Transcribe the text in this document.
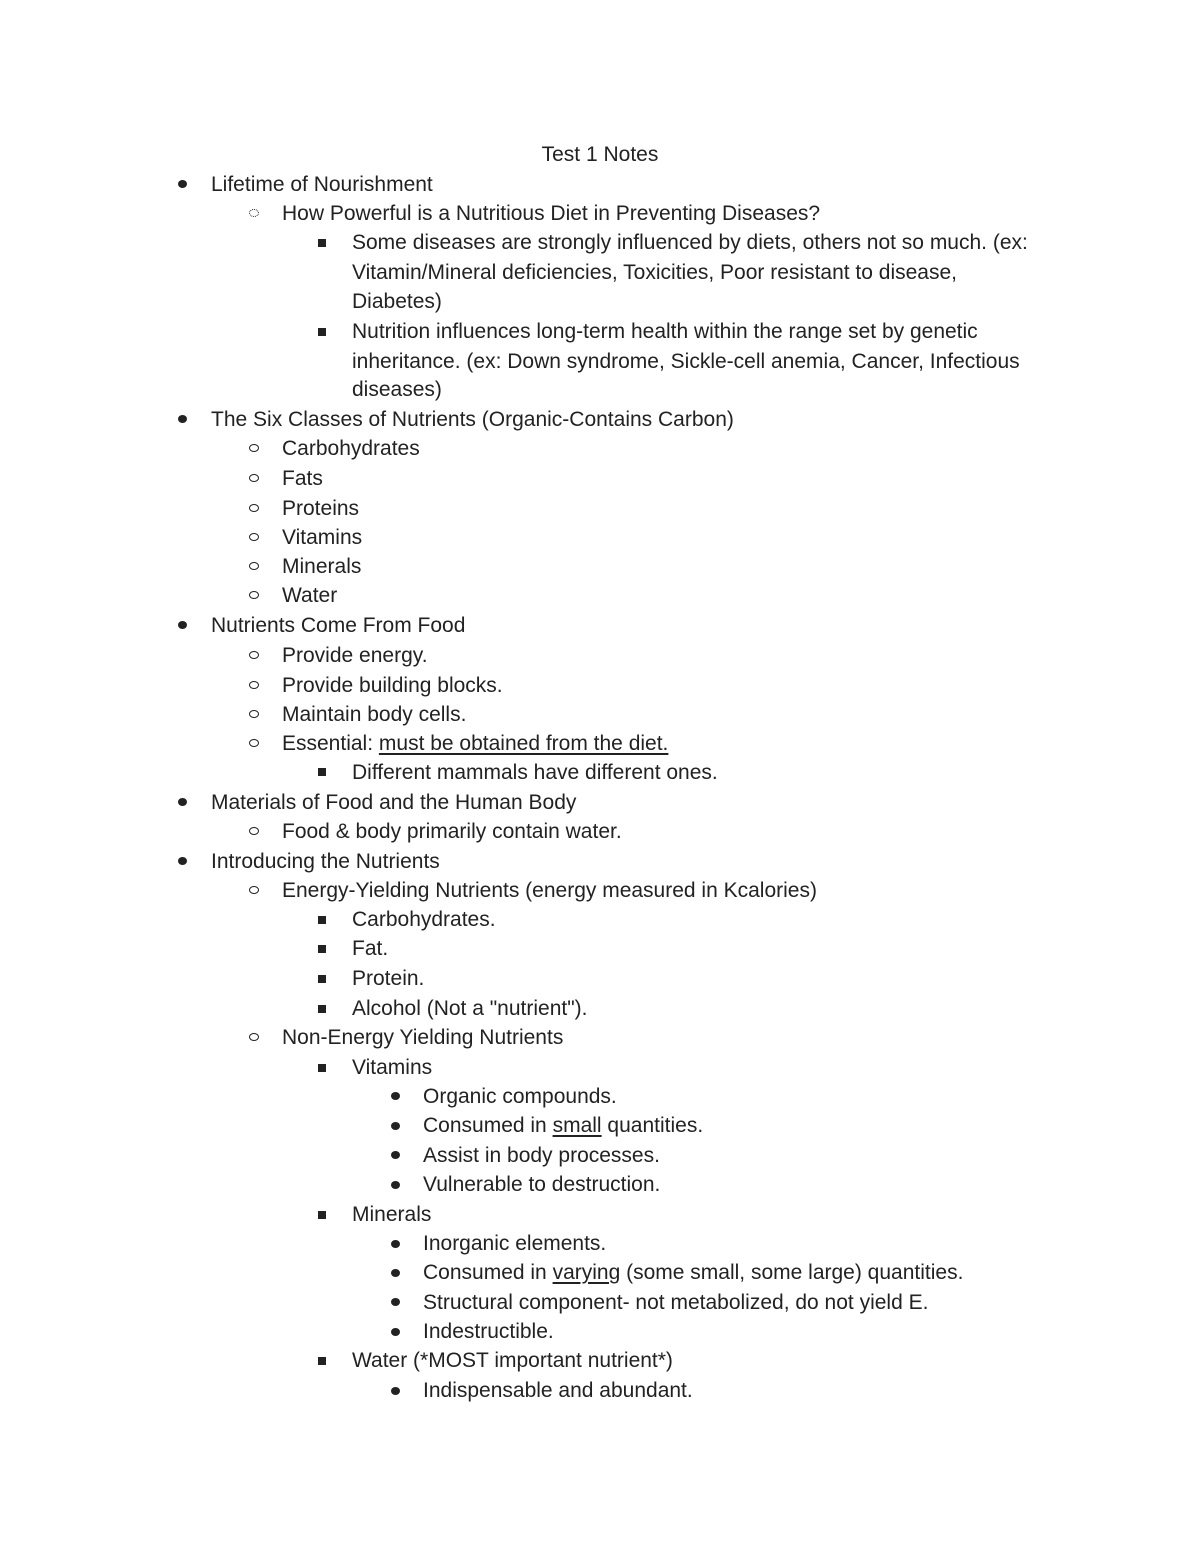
Test 1 Notes
Lifetime of Nourishment
How Powerful is a Nutritious Diet in Preventing Diseases?
Some diseases are strongly influenced by diets, others not so much. (ex:
Vitamin/Mineral deficiencies, Toxicities, Poor resistant to disease,
Diabetes)
Nutrition influences long-term health within the range set by genetic
inheritance. (ex: Down syndrome, Sickle-cell anemia, Cancer, Infectious
diseases)
The Six Classes of Nutrients (Organic-Contains Carbon)
Carbohydrates
Fats
Proteins
Vitamins
Minerals
Water
Nutrients Come From Food
Provide energy.
Provide building blocks.
Maintain body cells.
Essential: must be obtained from the diet.
Different mammals have different ones.
Materials of Food and the Human Body
Food & body primarily contain water.
Introducing the Nutrients
Energy-Yielding Nutrients (energy measured in Kcalories)
Carbohydrates.
Fat.
Protein.
Alcohol (Not a "nutrient").
Non-Energy Yielding Nutrients
Vitamins
Organic compounds.
Consumed in small quantities.
Assist in body processes.
Vulnerable to destruction.
Minerals
Inorganic elements.
Consumed in varying (some small, some large) quantities.
Structural component- not metabolized, do not yield E.
Indestructible.
Water (*MOST important nutrient*)
Indispensable and abundant.
